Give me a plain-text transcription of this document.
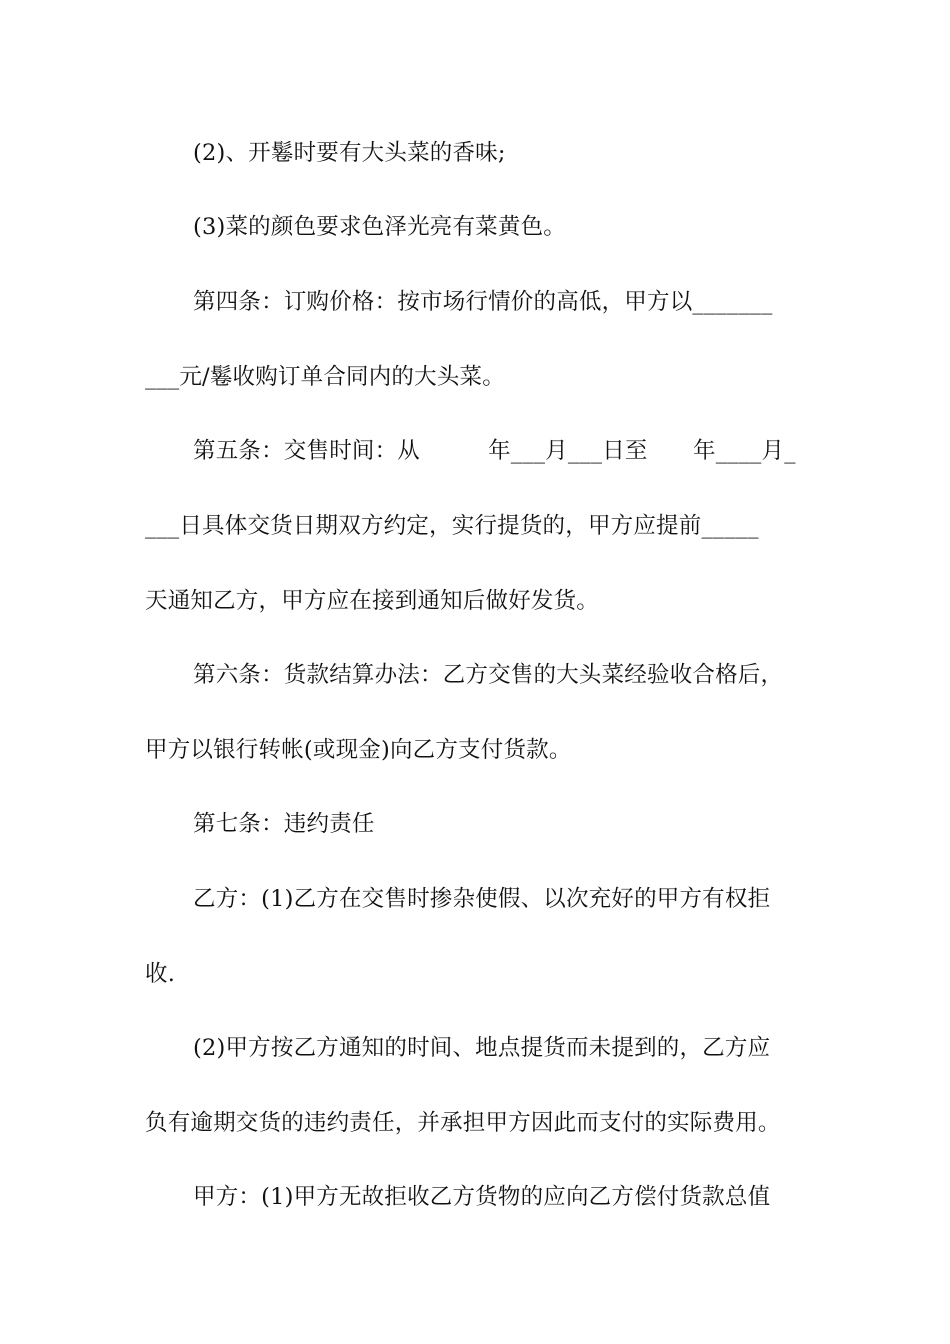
(2)、开鬈时要有大头菜的香味;
(3)菜的颜色要求色泽光亮有菜黄色。
第四条：订购价格：按市场行情价的高低，甲方以_______
___元/鬈收购订单合同内的大头菜。
第五条：交售时间：从　　　年___月___日至　　年____月_
___日具体交货日期双方约定，实行提货的，甲方应提前_____
天通知乙方，甲方应在接到通知后做好发货。
第六条：货款结算办法：乙方交售的大头菜经验收合格后，
甲方以银行转帐(或现金)向乙方支付货款。
第七条：违约责任
乙方：(1)乙方在交售时掺杂使假、以次充好的甲方有权拒
收.
(2)甲方按乙方通知的时间、地点提货而未提到的，乙方应
负有逾期交货的违约责任，并承担甲方因此而支付的实际费用。
甲方：(1)甲方无故拒收乙方货物的应向乙方偿付货款总值
